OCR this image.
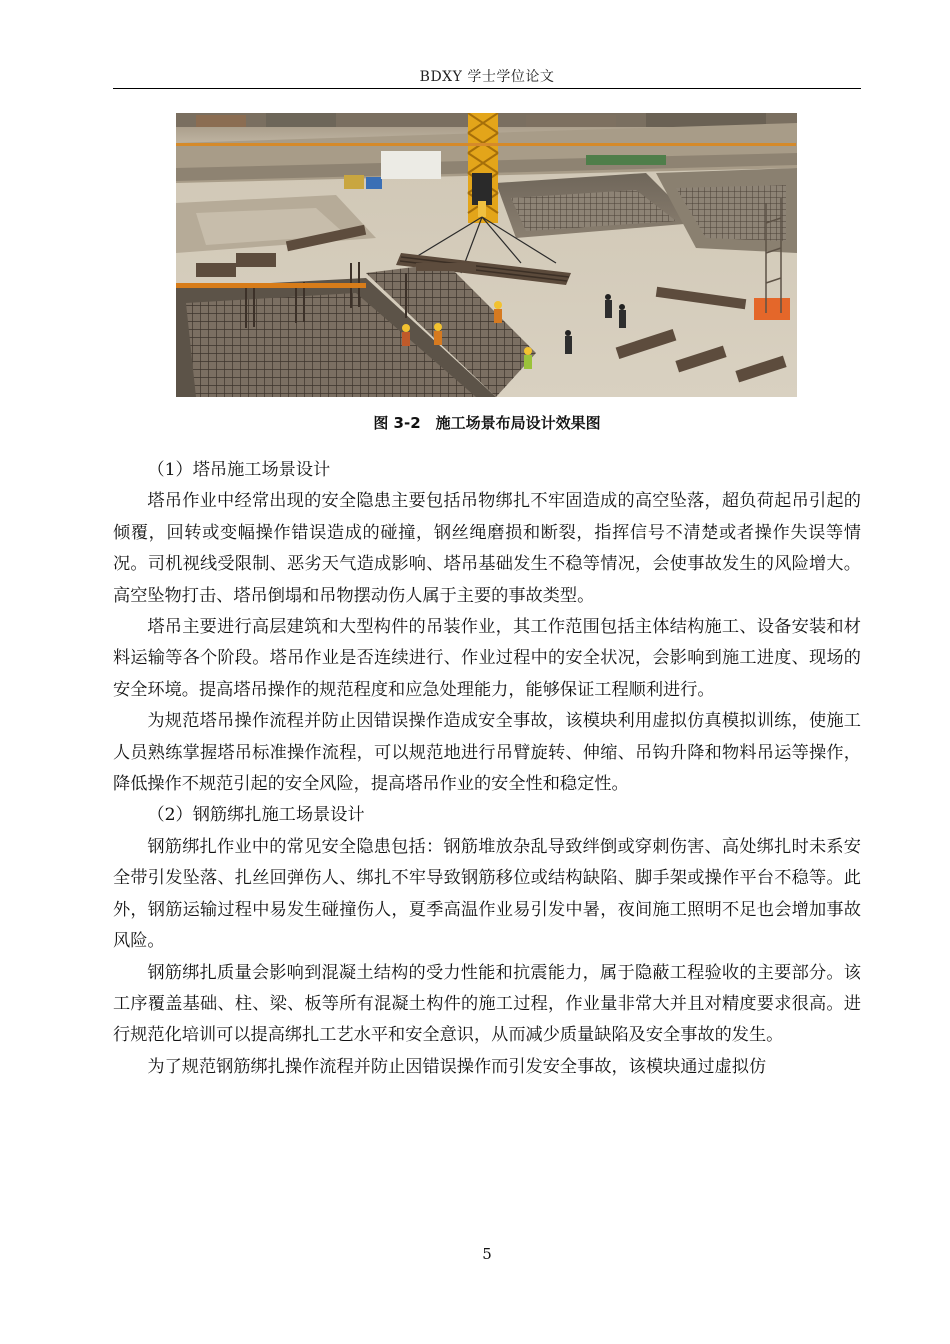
BDXY 学士学位论文
图 3-2　施工场景布局设计效果图

（1）塔吊施工场景设计

塔吊作业中经常出现的安全隐患主要包括吊物绑扎不牢固造成的高空坠落，超负荷起吊引起的倾覆，回转或变幅操作错误造成的碰撞，钢丝绳磨损和断裂，指挥信号不清楚或者操作失误等情况。司机视线受限制、恶劣天气造成影响、塔吊基础发生不稳等情况，会使事故发生的风险增大。高空坠物打击、塔吊倒塌和吊物摆动伤人属于主要的事故类型。

塔吊主要进行高层建筑和大型构件的吊装作业，其工作范围包括主体结构施工、设备安装和材料运输等各个阶段。塔吊作业是否连续进行、作业过程中的安全状况，会影响到施工进度、现场的安全环境。提高塔吊操作的规范程度和应急处理能力，能够保证工程顺利进行。

为规范塔吊操作流程并防止因错误操作造成安全事故，该模块利用虚拟仿真模拟训练，使施工人员熟练掌握塔吊标准操作流程，可以规范地进行吊臂旋转、伸缩、吊钩升降和物料吊运等操作，降低操作不规范引起的安全风险，提高塔吊作业的安全性和稳定性。

（2）钢筋绑扎施工场景设计

钢筋绑扎作业中的常见安全隐患包括：钢筋堆放杂乱导致绊倒或穿刺伤害、高处绑扎时未系安全带引发坠落、扎丝回弹伤人、绑扎不牢导致钢筋移位或结构缺陷、脚手架或操作平台不稳等。此外，钢筋运输过程中易发生碰撞伤人，夏季高温作业易引发中暑，夜间施工照明不足也会增加事故风险。

钢筋绑扎质量会影响到混凝土结构的受力性能和抗震能力，属于隐蔽工程验收的主要部分。该工序覆盖基础、柱、梁、板等所有混凝土构件的施工过程，作业量非常大并且对精度要求很高。进行规范化培训可以提高绑扎工艺水平和安全意识，从而减少质量缺陷及安全事故的发生。

为了规范钢筋绑扎操作流程并防止因错误操作而引发安全事故，该模块通过虚拟仿

5
